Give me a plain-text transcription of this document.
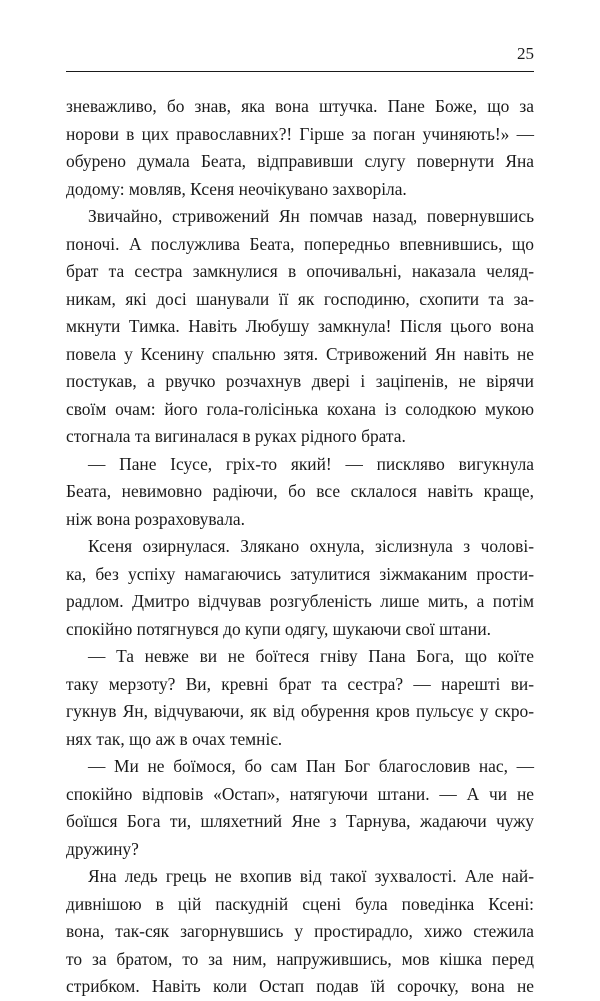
25
зневажливо, бо знав, яка вона штучка. Пане Боже, що за
норови в цих православних?! Гірше за поган учиняють!» —
обурено думала Беата, відправивши слугу повернути Яна
додому: мовляв, Ксеня неочікувано захворіла.
Звичайно, стривожений Ян помчав назад, повернувшись
поночі. А послужлива Беата, попередньо впевнившись, що
брат та сестра замкнулися в опочивальні, наказала челяд-
никам, які досі шанували її як господиню, схопити та за-
мкнути Тимка. Навіть Любушу замкнула! Після цього вона
повела у Ксенину спальню зятя. Стривожений Ян навіть не
постукав, а рвучко розчахнув двері і заціпенів, не вірячи
своїм очам: його гола-голісінька кохана із солодкою мукою
стогнала та вигиналася в руках рідного брата.
— Пане Ісусе, гріх-то який! — пискляво вигукнула
Беата, невимовно радіючи, бо все склалося навіть краще,
ніж вона розраховувала.
Ксеня озирнулася. Злякано охнула, зіслизнула з чолові-
ка, без успіху намагаючись затулитися зіжмаканим прости-
радлом. Дмитро відчував розгубленість лише мить, а потім
спокійно потягнувся до купи одягу, шукаючи свої штани.
— Та невже ви не боїтеся гніву Пана Бога, що коїте
таку мерзоту? Ви, кревні брат та сестра? — нарешті ви-
гукнув Ян, відчуваючи, як від обурення кров пульсує у скро-
нях так, що аж в очах темніє.
— Ми не боїмося, бо сам Пан Бог благословив нас, —
спокійно відповів «Остап», натягуючи штани. — А чи не
боїшся Бога ти, шляхетний Яне з Тарнува, жадаючи чужу
дружину?
Яна ледь грець не вхопив від такої зухвалості. Але най-
дивнішою в цій паскудній сцені була поведінка Ксені:
вона, так-сяк загорнувшись у простирадло, хижо стежила
то за братом, то за ним, напружившись, мов кішка перед
стрибком. Навіть коли Остап подав їй сорочку, вона не
